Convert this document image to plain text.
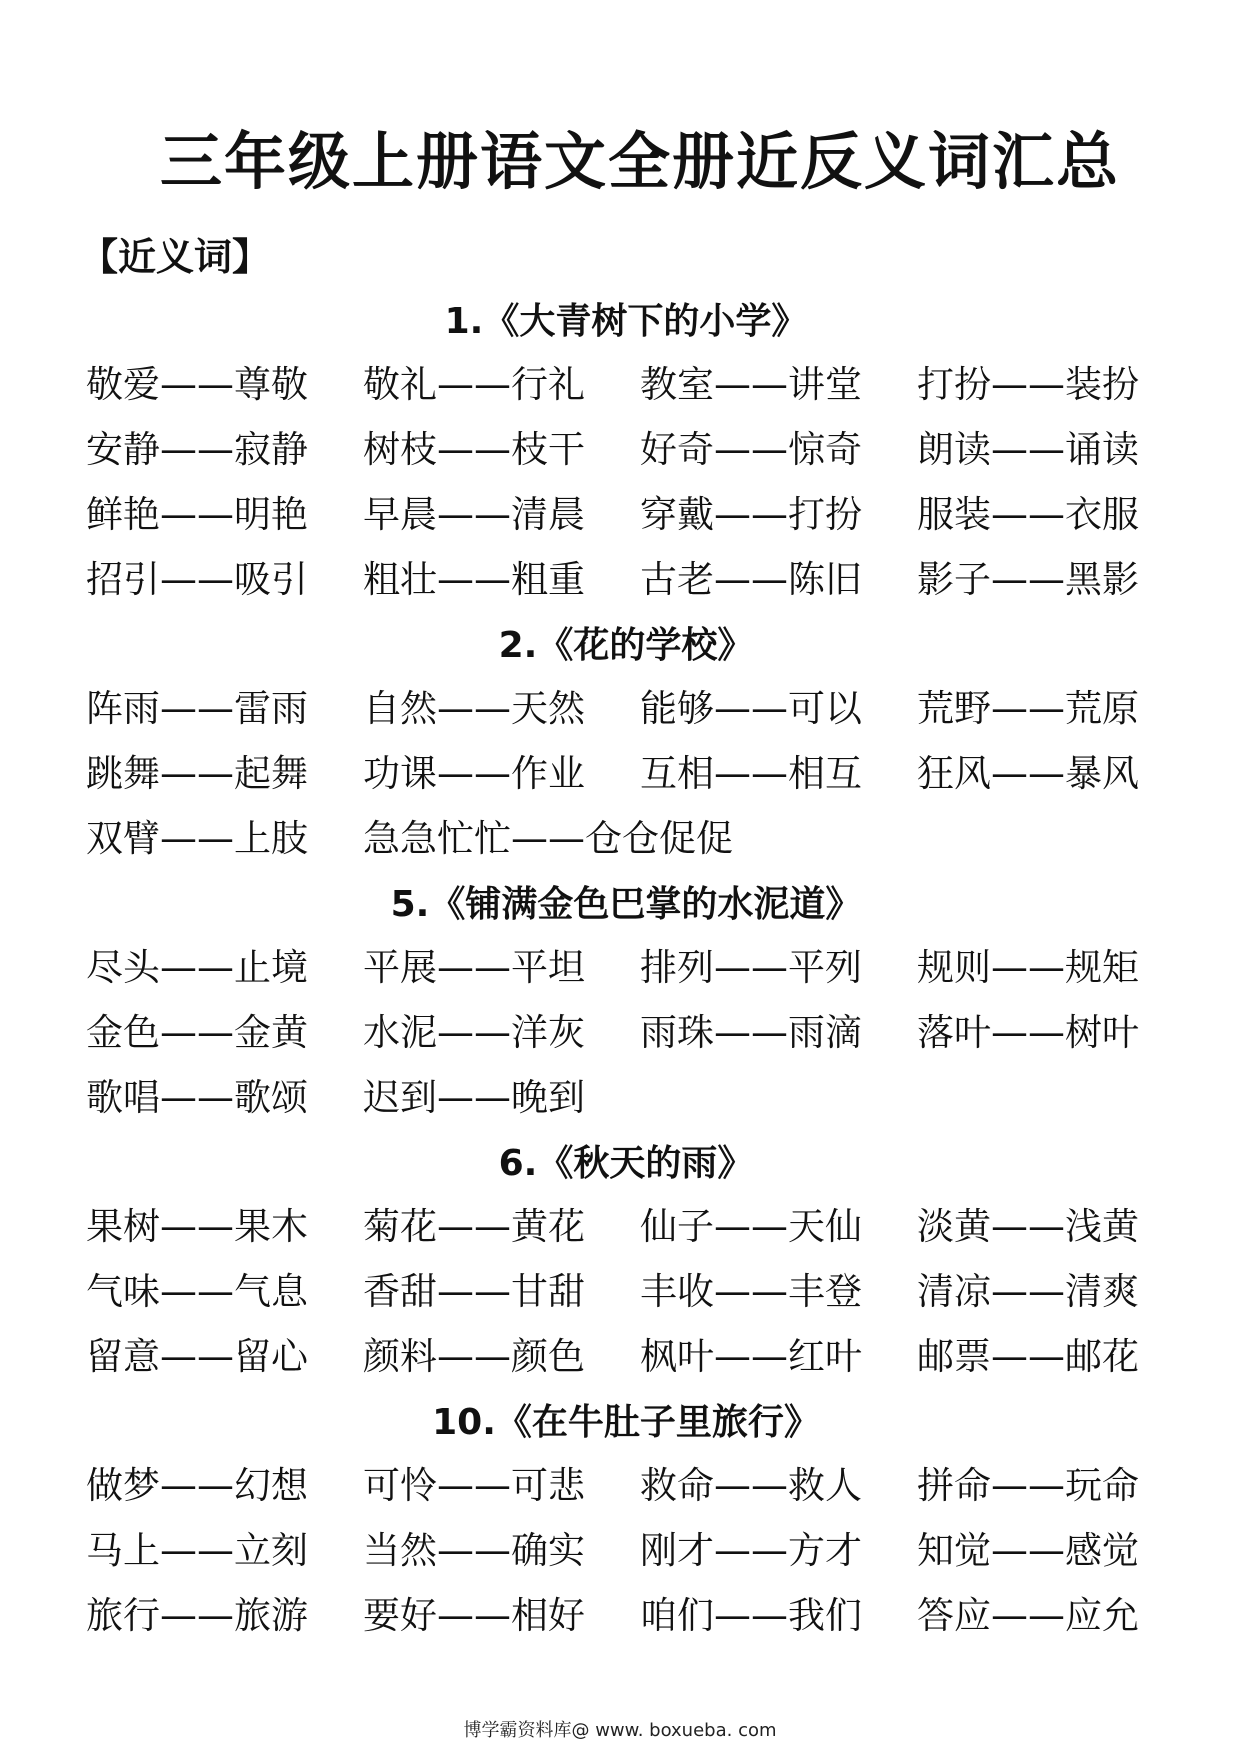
三年级上册语文全册近反义词汇总
【近义词】
1.《大青树下的小学》
敬爱——尊敬	敬礼——行礼	教室——讲堂	打扮——装扮
安静——寂静	树枝——枝干	好奇——惊奇	朗读——诵读
鲜艳——明艳	早晨——清晨	穿戴——打扮	服装——衣服
招引——吸引	粗壮——粗重	古老——陈旧	影子——黑影
2.《花的学校》
阵雨——雷雨	自然——天然	能够——可以	荒野——荒原
跳舞——起舞	功课——作业	互相——相互	狂风——暴风
双臂——上肢	急急忙忙——仓仓促促
5.《铺满金色巴掌的水泥道》
尽头——止境	平展——平坦	排列——平列	规则——规矩
金色——金黄	水泥——洋灰	雨珠——雨滴	落叶——树叶
歌唱——歌颂	迟到——晚到
6.《秋天的雨》
果树——果木	菊花——黄花	仙子——天仙	淡黄——浅黄
气味——气息	香甜——甘甜	丰收——丰登	清凉——清爽
留意——留心	颜料——颜色	枫叶——红叶	邮票——邮花
10.《在牛肚子里旅行》
做梦——幻想	可怜——可悲	救命——救人	拼命——玩命
马上——立刻	当然——确实	刚才——方才	知觉——感觉
旅行——旅游	要好——相好	咱们——我们	答应——应允
博学霸资料库@ www. boxueba. com
